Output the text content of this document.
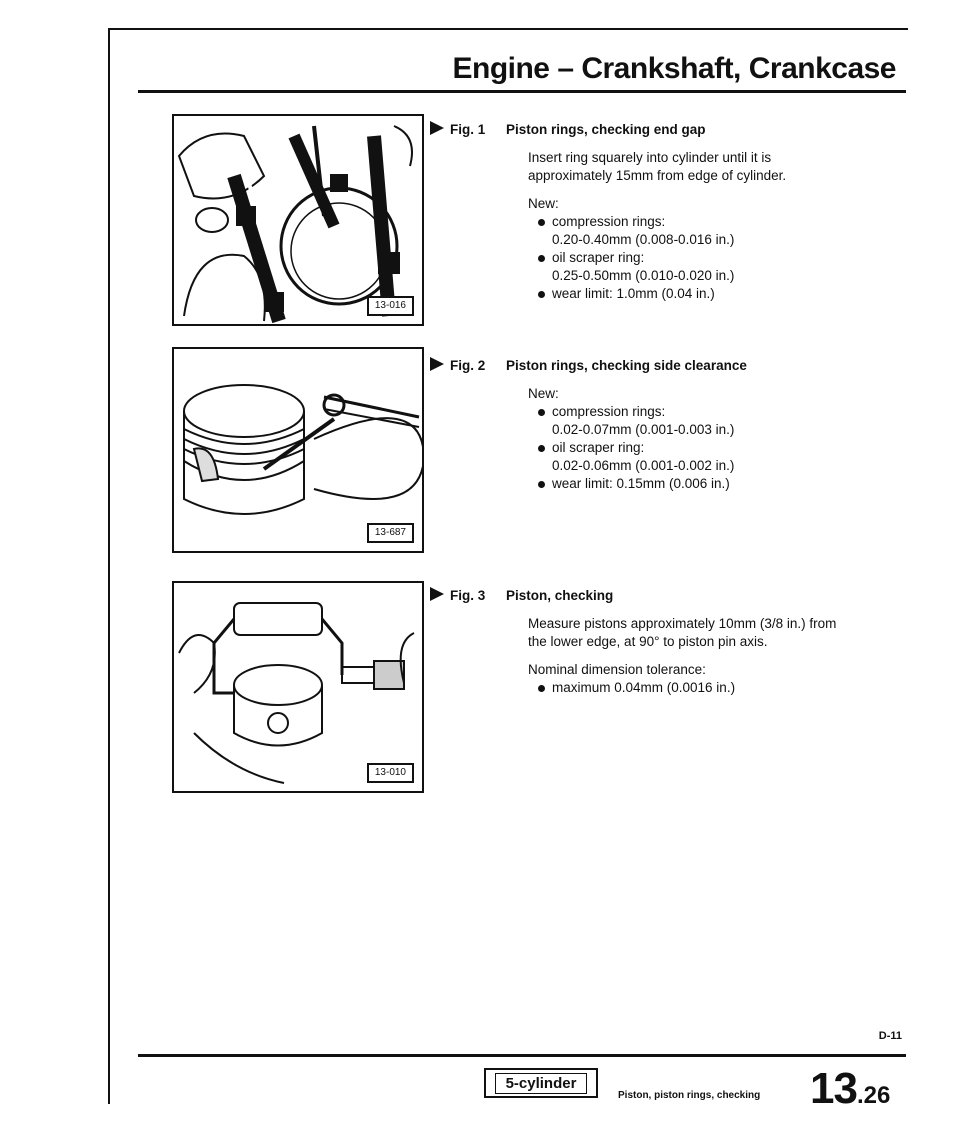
Engine – Crankshaft, Crankcase
13-016
13-687
13-010
Fig. 1	Piston rings, checking end gap
Insert ring squarely into cylinder until it is approximately 15mm from edge of cylinder.
New:
compression rings:
0.20-0.40mm (0.008-0.016 in.)
oil scraper ring:
0.25-0.50mm (0.010-0.020 in.)
wear limit: 1.0mm (0.04 in.)
Fig. 2	Piston rings, checking side clearance
New:
compression rings:
0.02-0.07mm (0.001-0.003 in.)
oil scraper ring:
0.02-0.06mm (0.001-0.002 in.)
wear limit: 0.15mm (0.006 in.)
Fig. 3	Piston, checking
Measure pistons approximately 10mm (3/8 in.) from the lower edge, at 90° to piston pin axis.
Nominal dimension tolerance:
maximum 0.04mm (0.0016 in.)
D-11
5-cylinder
Piston, piston rings, checking 13.26
